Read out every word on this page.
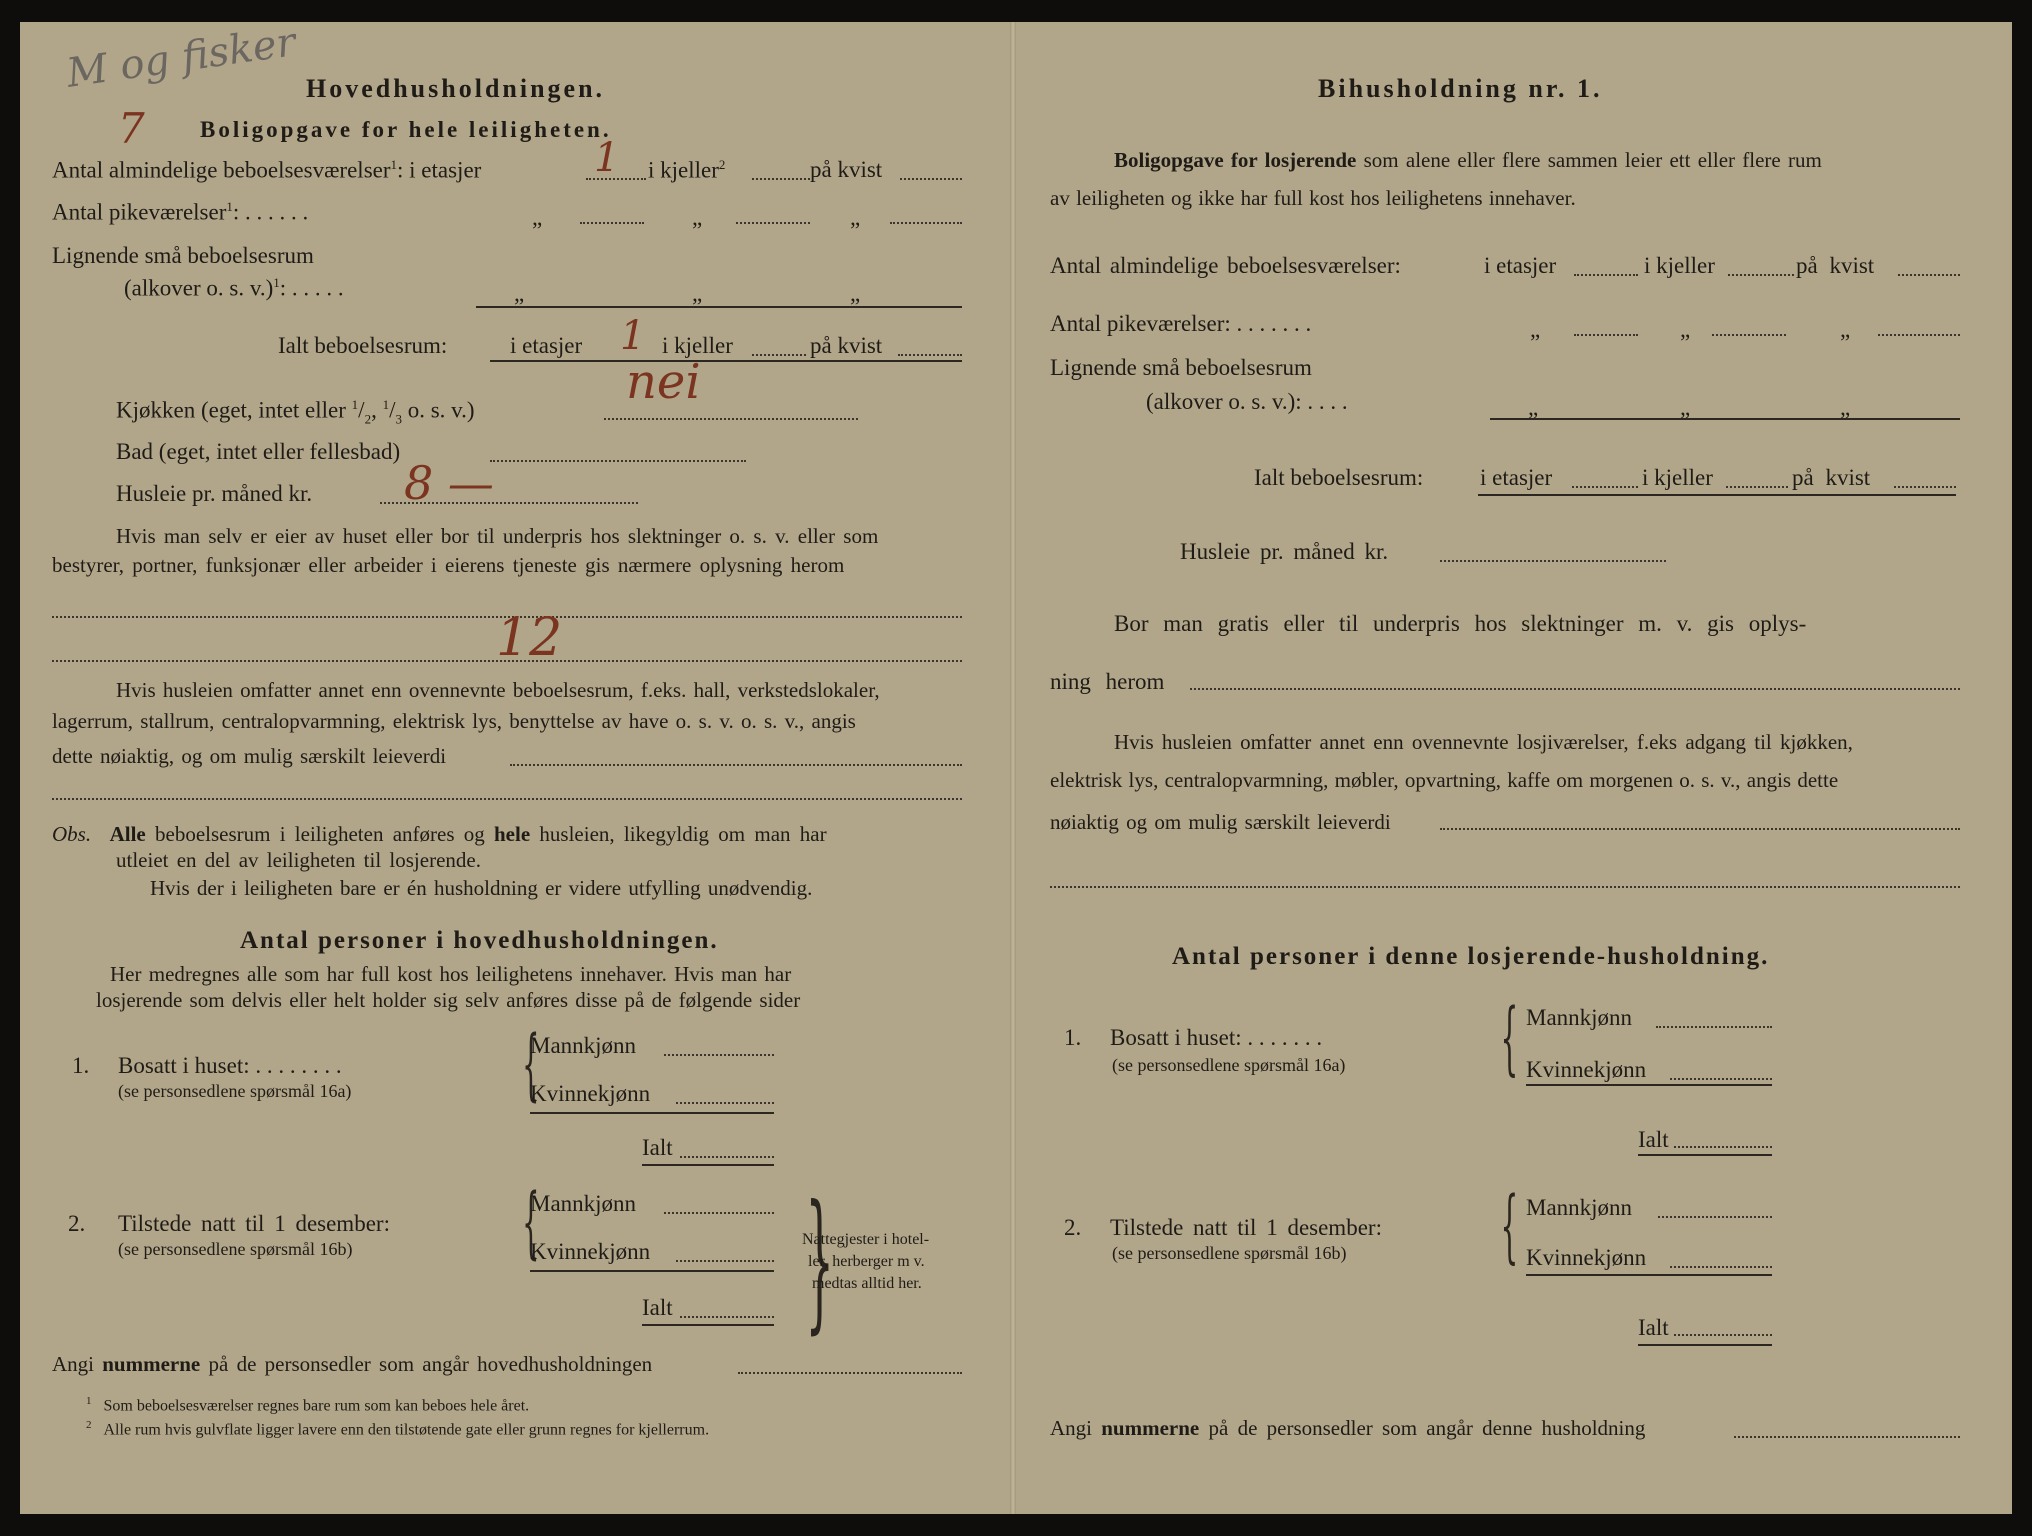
M og fisker
7
Hovedhusholdningen.
Boligopgave for hele leiligheten.
Antal almindelige beboelsesværelser$^1$: i etasjer	1 i kjeller$^2$	på kvist
Antal pikeværelser$^1$: . . . . . .	„	„	„
Lignende små beboelsesrum
(alkover o. s. v.)$^1$: . . . . .	„	„	„
Ialt beboelsesrum:	i etasjer 1 i kjeller	på kvist
Kjøkken (eget, intet eller $^1/_2$, $^1/_3$ o. s. v.)
nei
Bad (eget, intet eller fellesbad)
Husleie pr. måned kr. 8 —
Hvis man selv er eier av huset eller bor til underpris hos slektninger o. s. v. eller som
bestyrer, portner, funksjonær eller arbeider i eierens tjeneste gis nærmere oplysning herom
12
Hvis husleien omfatter annet enn ovennevnte beboelsesrum, f.eks. hall, verkstedslokaler,
lagerrum, stallrum, centralopvarmning, elektrisk lys, benyttelse av have o. s. v. o. s. v., angis
dette nøiaktig, og om mulig særskilt leieverdi
Obs. Alle beboelsesrum i leiligheten anføres og hele husleien, likegyldig om man har
utleiet en del av leiligheten til losjerende.
Hvis der i leiligheten bare er én husholdning er videre utfylling unødvendig.
Antal personer i hovedhusholdningen.
Her medregnes alle som har full kost hos leilighetens innehaver. Hvis man har
losjerende som delvis eller helt holder sig selv anføres disse på de følgende sider
1. Bosatt i huset: . . . . . . . .
(se personsedlene spørsmål 16a) {
Mannkjønn
Kvinnekjønn
Ialt
2. Tilstede natt til 1 desember:
(se personsedlene spørsmål 16b) {
Mannkjønn
Kvinnekjønn
Ialt }
Nattegjester i hotel-
ler, herberger m v.
medtas alltid her.
Angi nummerne på de personsedler som angår hovedhusholdningen
$^1$ Som beboelsesværelser regnes bare rum som kan beboes hele året.
$^2$ Alle rum hvis gulvflate ligger lavere enn den tilstøtende gate eller grunn regnes for kjellerrum.
Bihusholdning nr. 1.
Boligopgave for losjerende som alene eller flere sammen leier ett eller flere rum
av leiligheten og ikke har full kost hos leilighetens innehaver.
Antal almindelige beboelsesværelser:	i etasjer	i kjeller	på kvist
Antal pikeværelser: . . . . . . .	„	„	„
Lignende små beboelsesrum
(alkover o. s. v.): . . . .	„	„	„
Ialt beboelsesrum: i etasjer	i kjeller	på kvist
Husleie pr. måned kr.
Bor man gratis eller til underpris hos slektninger m. v. gis oplys-
ning herom
Hvis husleien omfatter annet enn ovennevnte losjiværelser, f.eks adgang til kjøkken,
elektrisk lys, centralopvarmning, møbler, opvartning, kaffe om morgenen o. s. v., angis dette
nøiaktig og om mulig særskilt leieverdi
Antal personer i denne losjerende-husholdning.
1. Bosatt i huset: . . . . . . .
(se personsedlene spørsmål 16a) { Mannkjønn
Kvinnekjønn
Ialt
2. Tilstede natt til 1 desember:
(se personsedlene spørsmål 16b) { Mannkjønn
Kvinnekjønn
Ialt
Angi nummerne på de personsedler som angår denne husholdning
